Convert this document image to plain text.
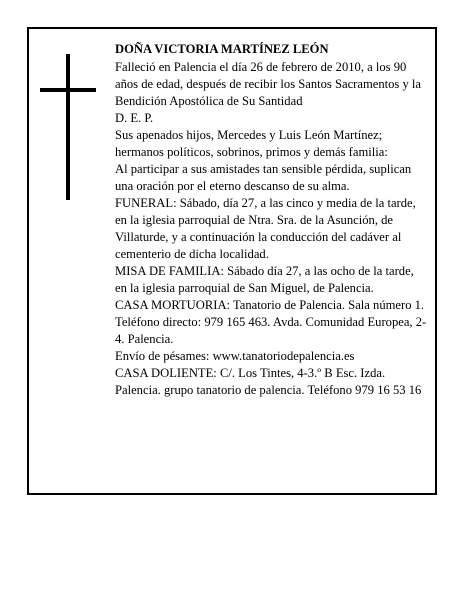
DOÑA VICTORIA MARTÍNEZ LEÓN

Falleció en Palencia el día 26 de febrero de 2010, a los 90 años de edad, después de recibir los Santos Sacramentos y la Bendición Apostólica de Su Santidad

D. E. P.

Sus apenados hijos, Mercedes y Luis León Martínez; hermanos políticos, sobrinos, primos y demás familia:

Al participar a sus amistades tan sensible pérdida, suplican una oración por el eterno descanso de su alma.

FUNERAL: Sábado, día 27, a las cinco y media de la tarde, en la iglesia parroquial de Ntra. Sra. de la Asunción, de Villaturde, y a continuación la conducción del cadáver al cementerio de dicha localidad.

MISA DE FAMILIA: Sábado día 27, a las ocho de la tarde, en la iglesia parroquial de San Miguel, de Palencia.

CASA MORTUORIA: Tanatorio de Palencia. Sala número 1. Teléfono directo: 979 165 463. Avda. Comunidad Europea, 2-4. Palencia.

Envío de pésames: www.tanatoriodepalencia.es

CASA DOLIENTE: C/. Los Tintes, 4-3.º B Esc. Izda. Palencia. grupo tanatorio de palencia. Teléfono 979 16 53 16
